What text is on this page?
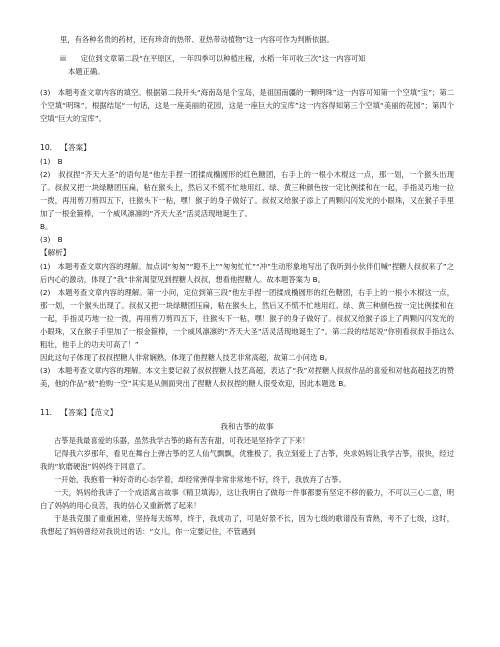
里，有各种名贵的药材，还有珍奇的热带、亚热带动植物”这一内容可作为判断依据。

iii 定位到文章第二段“在平原区，一年四季可以种植庄稼，水稻一年可收三次”这一内容可知

本题正确。

(3)　本题考查文章内容的填空。根据第二段开头“海南岛是个宝岛，是祖国南疆的一颗明珠”这一内容可知第一个空填“宝”；第二个空填“明珠”。根据结尾“一句话，这是一座美丽的花园，这是一座巨大的宝库”这一内容得知第三个空填“美丽的花园”；第四个空填“巨大的宝库”。

10. 【答案】

(1)　B

(2)　叔叔捏“齐天大圣”的语句是“他左手捏一团揉成椭圆形的红色糖团，右手上的一根小木棍这一点，那一划，一个猴头出现了。叔叔又把一块绿糖团压扁，粘在猴头上，然后又不慌不忙地用红、绿、黄三种颜色按一定比例揉和在一起，手指灵巧地一拉一拨，再用剪刀剪四五下，往猴头下一粘，嘿！猴子的身子做好了。叔叔又给猴子添上了两颗闪闪发光的小眼珠，又在猴子手里加了一根金箍棒，一个威风凛凛的“齐天大圣”活灵活现地诞生了。

B。

(3)　B

【解析】

(1)　本题考查文章内容的理解。加点词“匆匆”“瞪不上”“匆匆忙忙”“冲”生动形象地写出了我听到小伙伴们喊“捏糖人叔叔来了”之后内心的激动，体现了“我”非常渴望见到捏糖人叔叔，想看他捏糖人。故本题答案为 B。

(2)　本题考查文章内容的理解。第一小问，定位到第三段“他左手捏一团揉成椭圆形的红色糖团，右手上的一根小木棍这一点，那一划，一个猴头出现了。叔叔又把一块绿糖团压扁，粘在猴头上，然后又不慌不忙地用红、绿、黄三种颜色按一定比例揉和在一起，手指灵巧地一拉一拨，再用剪刀剪四五下，往猴头下一粘，嘿！猴子的身子做好了。叔叔又给猴子添上了两颗闪闪发光的小眼珠，又在猴子手里加了一根金箍棒，一个威风凛凛的“齐天大圣”活灵活现地诞生了”。第二段的结尾说“你别看叔叔手指这么粗壮，他手上的功夫可高了！”

因此这句子体现了叔叔捏糖人非常娴熟，体现了他捏糖人技艺非常高超，故第二小问选 B。

(3)　本题考查文章内容的理解。本文主要记叙了叔叔捏糖人技艺高超，表达了“我”对捏糖人叔叔作品的喜爱和对他高超技艺的赞美，他的作品“被”抢购一空”其实是从侧面突出了捏糖人叔叔捏的糖人很受欢迎，因此本题选 B。

11. 【答案】【范文】

我和古筝的故事

古筝是我最喜爱的乐器，虽然我学古筝的路有苦有甜，可我还是坚持学了下来！

记得我六岁那年，看见在舞台上弹古筝的艺人仙气飘飘，优雅极了，我立刻爱上了古筝，央求妈妈让我学古筝，很快，经过我的“软磨硬泡”妈妈终于同意了。

一开始，我抱着一种好奇的心态学着，却经常弹得非常非常地不好，终于，我放弃了古筝。

一天，妈妈给我讲了一个成语寓言故事《精卫填海》，这让我明白了做每一件事都要有坚定不移的毅力，不可以三心二意，明白了妈妈的用心良苦，我的信心又重新燃了起来！

于是我克服了重重困难，坚持每天练琴，终于，我成功了，可是好景不长，因为七级的歌谱没有背熟，考不了七级，这时，我想起了妈妈曾经对我说过的话：“女儿，你一定要记住，不管遇到
